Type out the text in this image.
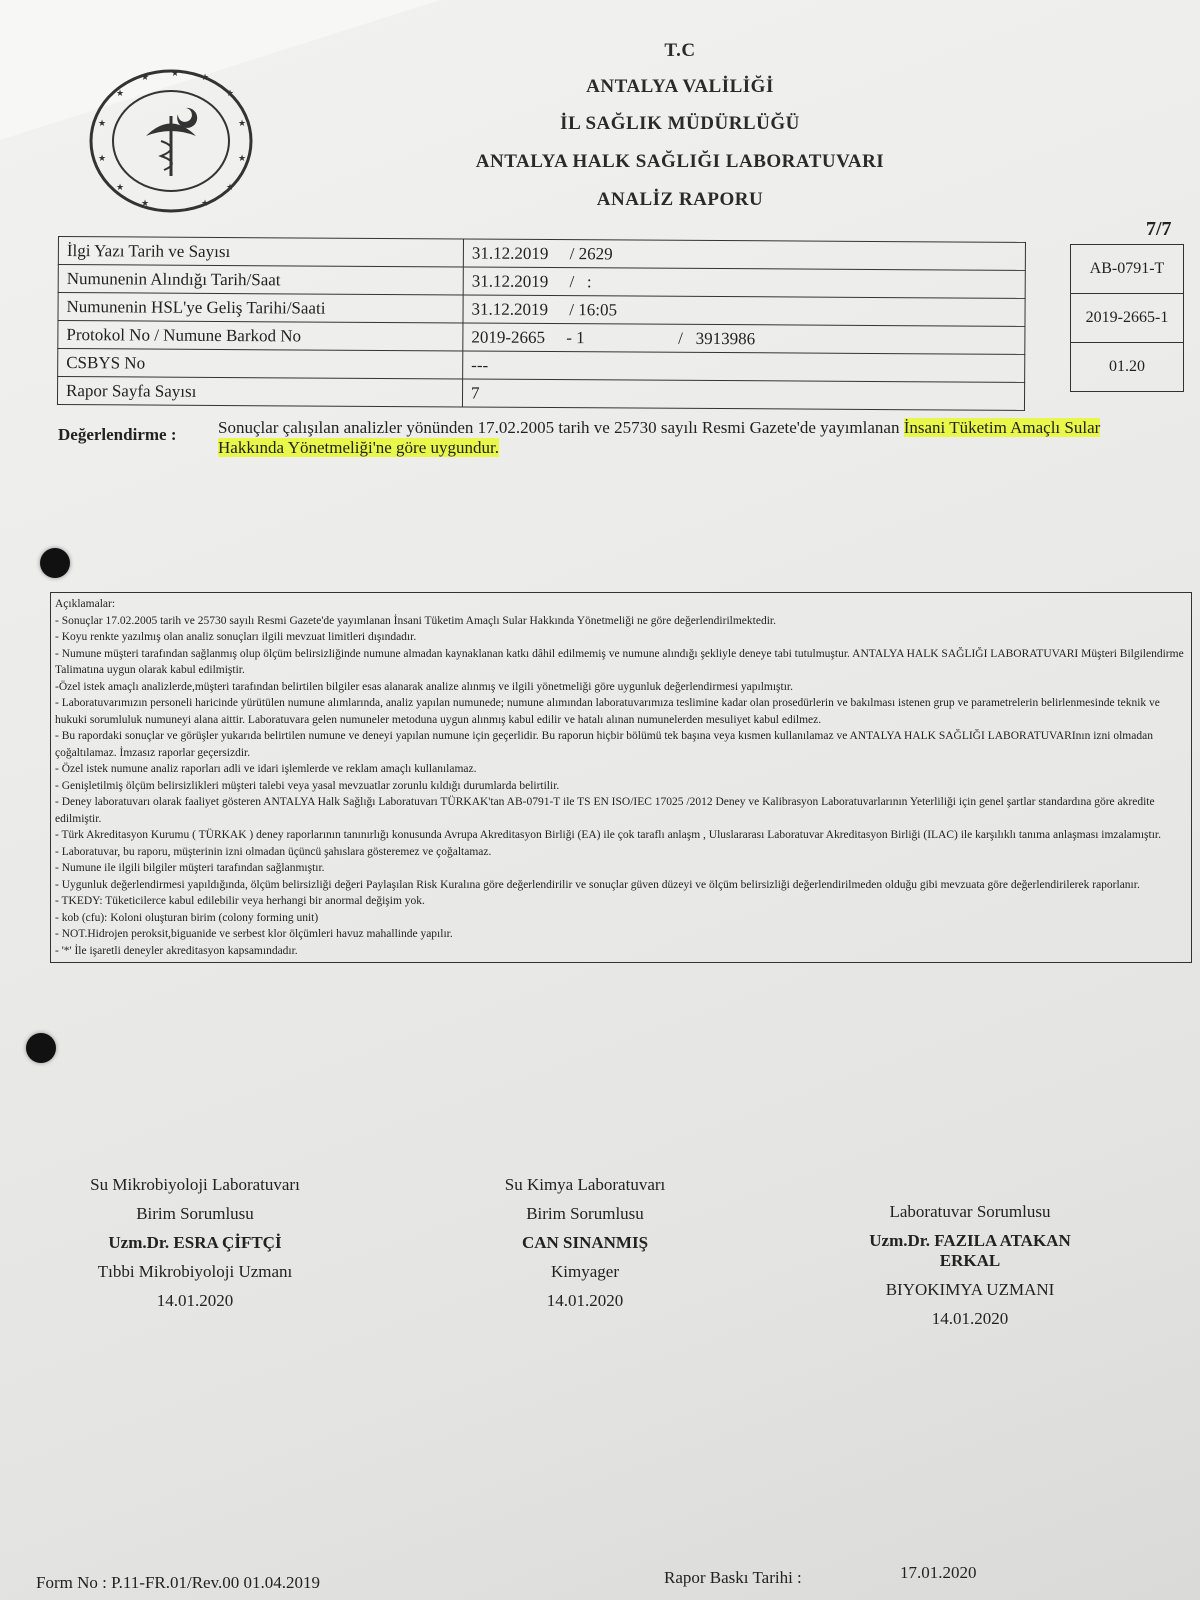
★
★ ★ ★
★
★
★
★
★
★
★
★
★
T.C
ANTALYA VALİLİĞİ
İL SAĞLIK MÜDÜRLÜĞÜ
ANTALYA HALK SAĞLIĞI LABORATUVARI
ANALİZ RAPORU
7/7
İlgi Yazı Tarih ve Sayısı	31.12.2019     / 2629
Numunenin Alındığı Tarih/Saat	31.12.2019     /   :
Numunenin HSL'ye Geliş Tarihi/Saati	31.12.2019     / 16:05
Protokol No / Numune Barkod No	2019-2665     - 1                      /   3913986
CSBYS No	---
Rapor Sayfa Sayısı	7
AB-0791-T
2019-2665-1
01.20
Değerlendirme : Sonuçlar çalışılan analizler yönünden 17.02.2005 tarih ve 25730 sayılı Resmi Gazete'de yayımlanan İnsani Tüketim Amaçlı Sular
Hakkında Yönetmeliği'ne göre uygundur.
Açıklamalar:
- Sonuçlar 17.02.2005 tarih ve 25730 sayılı Resmi Gazete'de yayımlanan İnsani Tüketim Amaçlı Sular Hakkında Yönetmeliği ne göre değerlendirilmektedir.
- Koyu renkte yazılmış olan analiz sonuçları ilgili mevzuat limitleri dışındadır.
- Numune müşteri tarafından sağlanmış olup ölçüm belirsizliğinde numune almadan kaynaklanan katkı dâhil edilmemiş ve numune alındığı şekliyle deneye tabi tutulmuştur. ANTALYA HALK SAĞLIĞI LABORATUVARI Müşteri Bilgilendirme Talimatına uygun olarak kabul edilmiştir.
-Özel istek amaçlı analizlerde,müşteri tarafından belirtilen bilgiler esas alanarak analize alınmış ve ilgili yönetmeliği göre uygunluk değerlendirmesi yapılmıştır.
- Laboratuvarımızın personeli haricinde yürütülen numune alımlarında, analiz yapılan numunede; numune alımından laboratuvarımıza teslimine kadar olan prosedürlerin ve bakılması istenen grup ve parametrelerin belirlenmesinde teknik ve hukuki sorumluluk numuneyi alana aittir. Laboratuvara gelen numuneler metoduna uygun alınmış kabul edilir ve hatalı alınan numunelerden mesuliyet kabul edilmez.
- Bu rapordaki sonuçlar ve görüşler yukarıda belirtilen numune ve deneyi yapılan numune için geçerlidir. Bu raporun hiçbir bölümü tek başına veya kısmen kullanılamaz ve ANTALYA HALK SAĞLIĞI LABORATUVARInın izni olmadan çoğaltılamaz. İmzasız raporlar geçersizdir.
- Özel istek numune analiz raporları adli ve idari işlemlerde ve reklam amaçlı kullanılamaz.
- Genişletilmiş ölçüm belirsizlikleri müşteri talebi veya yasal mevzuatlar zorunlu kıldığı durumlarda belirtilir.
- Deney laboratuvarı olarak faaliyet gösteren ANTALYA Halk Sağlığı Laboratuvarı TÜRKAK'tan AB-0791-T ile TS EN ISO/IEC 17025 /2012 Deney ve Kalibrasyon Laboratuvarlarının Yeterliliği için genel şartlar standardına göre akredite edilmiştir.
- Türk Akreditasyon Kurumu ( TÜRKAK ) deney raporlarının tanınırlığı konusunda Avrupa Akreditasyon Birliği (EA) ile çok taraflı anlaşm , Uluslararası Laboratuvar Akreditasyon Birliği (ILAC) ile karşılıklı tanıma anlaşması imzalamıştır.
- Laboratuvar, bu raporu, müşterinin izni olmadan üçüncü şahıslara gösteremez ve çoğaltamaz.
- Numune ile ilgili bilgiler müşteri tarafından sağlanmıştır.
- Uygunluk değerlendirmesi yapıldığında, ölçüm belirsizliği değeri Paylaşılan Risk Kuralına göre değerlendirilir ve sonuçlar güven düzeyi ve ölçüm belirsizliği değerlendirilmeden olduğu gibi mevzuata göre değerlendirilerek raporlanır.
- TKEDY: Tüketicilerce kabul edilebilir veya herhangi bir anormal değişim yok.
- kob (cfu): Koloni oluşturan birim (colony forming unit)
- NOT.Hidrojen peroksit,biguanide ve serbest klor ölçümleri havuz mahallinde yapılır.
- '*' İle işaretli deneyler akreditasyon kapsamındadır.
Su Mikrobiyoloji Laboratuvarı
Birim Sorumlusu
Uzm.Dr. ESRA ÇİFTÇİ
Tıbbi Mikrobiyoloji Uzmanı
14.01.2020
Su Kimya Laboratuvarı
Birim Sorumlusu
CAN SINANMIŞ
Kimyager
14.01.2020
Laboratuvar Sorumlusu
Uzm.Dr. FAZILA ATAKAN ERKAL
BIYOKIMYA UZMANI
14.01.2020
Form No : P.11-FR.01/Rev.00 01.04.2019	Rapor Baskı Tarihi :	17.01.2020
